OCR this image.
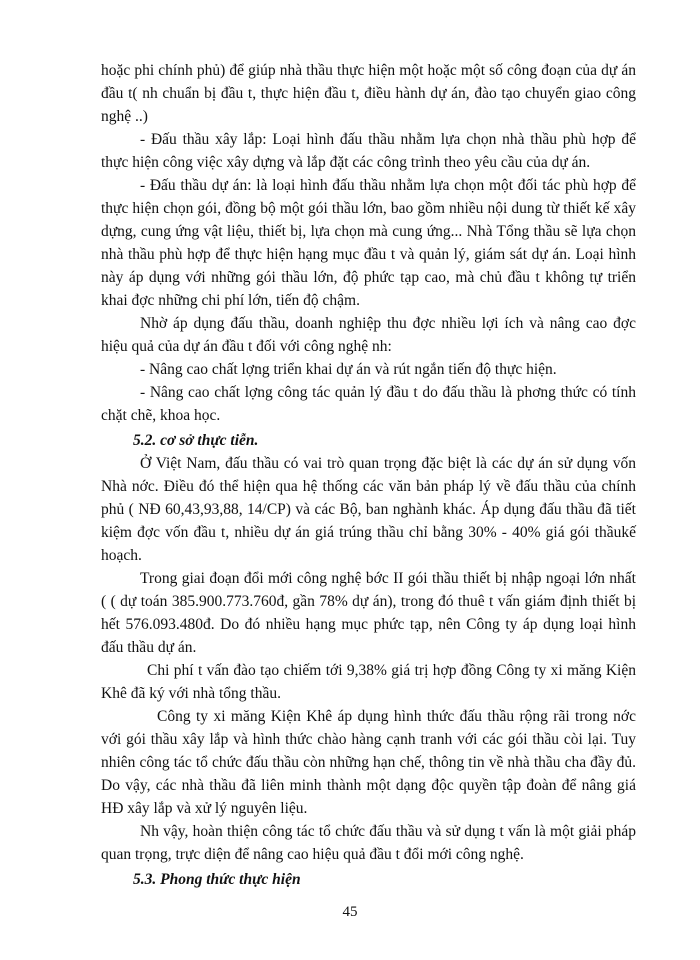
hoặc phi chính phủ) để giúp nhà thầu thực hiện một hoặc một số công đoạn của dự án đầu t( nh chuẩn bị đầu t, thực hiện đầu t, điều hành dự án, đào tạo chuyển giao công nghệ ..)

- Đấu thầu xây lắp: Loại hình đấu thầu nhằm lựa chọn nhà thầu phù hợp để thực hiện công việc xây dựng và lắp đặt các công trình theo yêu cầu của dự án.

- Đấu thầu dự án: là loại hình đấu thầu nhằm lựa chọn một đối tác phù hợp để thực hiện chọn gói, đồng bộ một gói thầu lớn, bao gồm nhiều nội dung từ thiết kế xây dựng, cung ứng vật liệu, thiết bị, lựa chọn mà cung ứng... Nhà Tổng thầu sẽ lựa chọn nhà thầu phù hợp để thực hiện hạng mục đầu t và quản lý, giám sát dự án. Loại hình này áp dụng với những gói thầu lớn, độ phức tạp cao, mà chủ đầu t không tự triển khai đợc những chi phí lớn, tiến độ chậm.

Nhờ áp dụng đấu thầu, doanh nghiệp thu đợc nhiều lợi ích và nâng cao đợc hiệu quả của dự án đầu t đối với công nghệ nh:

- Nâng cao chất lợng triển khai dự án và rút ngắn tiến độ thực hiện.

- Nâng cao chất lợng công tác quản lý đầu t do đấu thầu là phơng thức có tính chặt chẽ, khoa học.

5.2. cơ sở thực tiễn.

Ở Việt Nam, đấu thầu có vai trò quan trọng đặc biệt là các dự án sử dụng vốn Nhà nớc. Điều đó thể hiện qua hệ thống các văn bản pháp lý về đấu thầu của chính phủ ( NĐ 60,43,93,88, 14/CP) và các Bộ, ban nghành khác. Áp dụng đấu thầu đã tiết kiệm đợc vốn đầu t, nhiều dự án giá trúng thầu chỉ bằng 30% - 40% giá gói thầukế hoạch.

Trong giai đoạn đổi mới công nghệ bớc II gói thầu thiết bị nhập ngoại lớn nhất ( ( dự toán 385.900.773.760đ, gần 78% dự án), trong đó thuê t vấn giám định thiết bị hết 576.093.480đ. Do đó nhiều hạng mục phức tạp, nên Công ty áp dụng loại hình đấu thầu dự án.

Chi phí t vấn đào tạo chiếm tới 9,38% giá trị hợp đồng Công ty xi măng Kiện Khê đã ký với nhà tổng thầu.

Công ty xi măng Kiện Khê áp dụng hình thức đấu thầu rộng rãi trong nớc với gói thầu xây lắp và hình thức chào hàng cạnh tranh với các gói thầu còi lại. Tuy nhiên công tác tổ chức đấu thầu còn những hạn chế, thông tin về nhà thầu cha đầy đủ. Do vậy, các nhà thầu đã liên minh thành một dạng độc quyền tập đoàn để nâng giá HĐ xây lắp và xử lý nguyên liệu.

Nh vậy, hoàn thiện công tác tổ chức đấu thầu và sử dụng t vấn là một giải pháp quan trọng, trực diện để nâng cao hiệu quả đầu t đổi mới công nghệ.

5.3. Phong thức thực hiện

45
